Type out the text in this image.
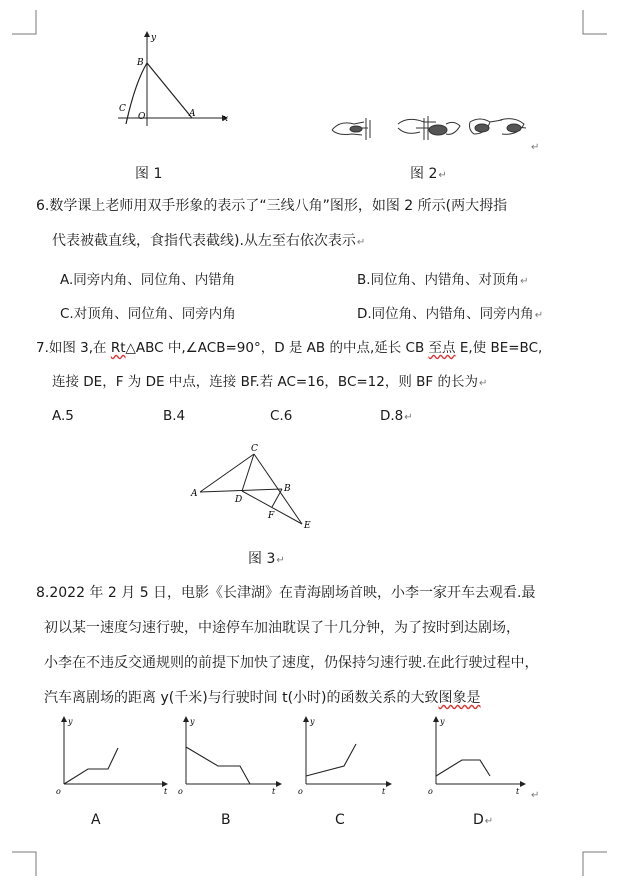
y
x
B
C
O	A
图 1	图 2↵
↵
6.数学课上老师用双手形象的表示了“三线八角”图形，如图 2 所示(两大拇指
代表被截直线，食指代表截线).从左至右依次表示↵
A.同旁内角、同位角、内错角	B.同位角、内错角、对顶角↵
C.对顶角、同位角、同旁内角	D.同位角、内错角、同旁内角↵
7.如图 3,在 Rt△ABC 中,∠ACB=90°，D 是 AB 的中点,延长 CB 至点 E,使 BE=BC,
连接 DE，F 为 DE 中点，连接 BF.若 AC=16，BC=12，则 BF 的长为↵
A.5	B.4	C.6	D.8↵
C
A	B
D
F
E
图 3↵
8.2022 年 2 月 5 日，电影《长津湖》在青海剧场首映，小李一家开车去观看.最
初以某一速度匀速行驶，中途停车加油耽误了十几分钟，为了按时到达剧场，
小李在不违反交通规则的前提下加快了速度，仍保持匀速行驶.在此行驶过程中，
汽车离剧场的距离 y(千米)与行驶时间 t(小时)的函数关系的大致图象是
y
o	t
y
o	t
y
o	t
y
o	t ↵
A	B	C	D↵
